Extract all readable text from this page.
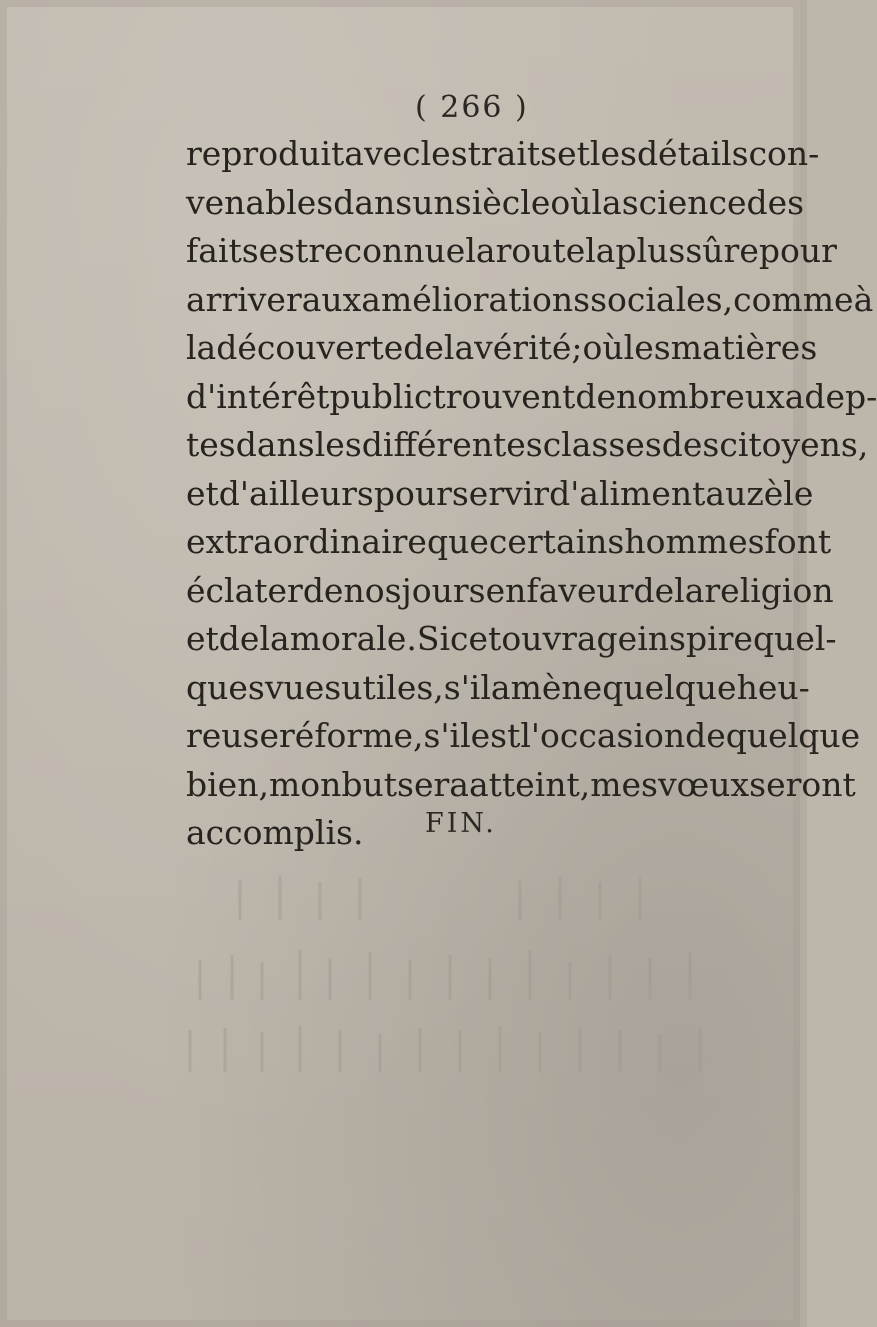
( 266 )
reproduit avec les traits et les détails con-
venables dans un siècle où la science des
faits est reconnue la route la plus sûre pour
arriver aux améliorations sociales, comme à
la découverte de la vérité; où les matières
d'intérêt public trouvent de nombreux adep-
tes dans les différentes classes des citoyens,
et d'ailleurs pour servir d'aliment au zèle
extraordinaire que certains hommes font
éclater de nos jours en faveur de la religion
et de la morale. Si cet ouvrage inspire quel-
ques vues utiles, s'il amène quelque heu-
reuse réforme, s'il est l'occasion de quelque
bien, mon but sera atteint, mes vœux seront
accomplis. FIN.
